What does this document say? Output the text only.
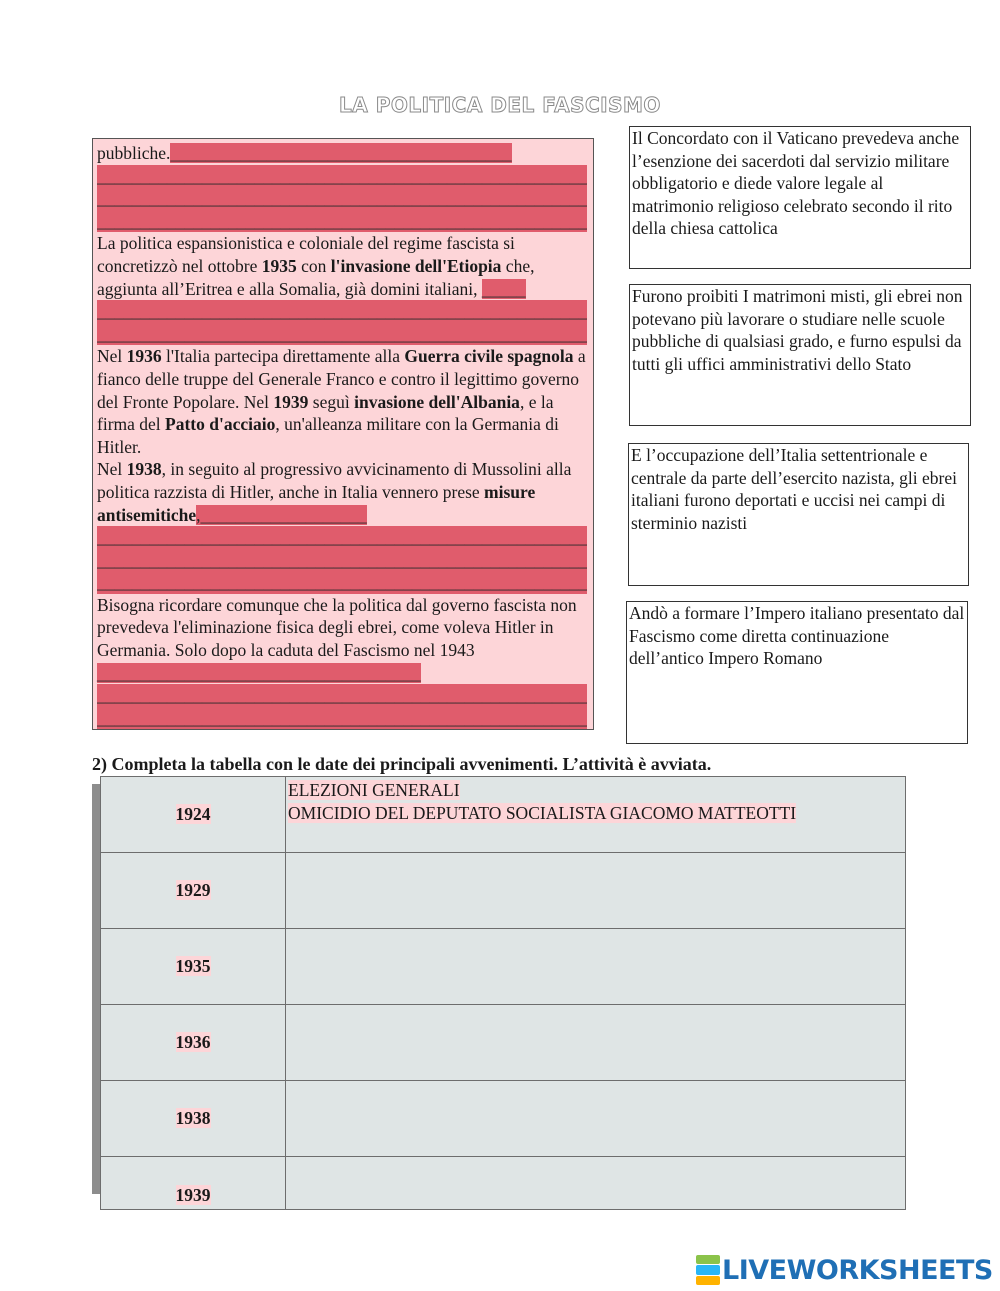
LA POLITICA DEL FASCISMO

pubbliche._______________________________________

_____
_____
_____

La politica espansionistica e coloniale del regime fascista si concretizzò nel ottobre 1935 con l'invasione dell'Etiopia che, aggiunta all’Eritrea e alla Somalia, già domini italiani, _____

_____
_____

Nel 1936 l'Italia partecipa direttamente alla Guerra civile spagnola a fianco delle truppe del Generale Franco e contro il legittimo governo del Fronte Popolare. Nel 1939 seguì invasione dell'Albania, e la firma del Patto d'acciaio, un'alleanza militare con la Germania di Hitler.

Nel 1938, in seguito al progressivo avvicinamento di Mussolini alla politica razzista di Hitler, anche in Italia vennero prese misure antisemitiche,___________________

_____
_____
_____

Bisogna ricordare comunque che la politica dal governo fascista non prevedeva l'eliminazione fisica degli ebrei, come voleva Hitler in Germania. Solo dopo la caduta del Fascismo nel 1943 _____________________________________

_____
_____
Il Concordato con il Vaticano prevedeva anche l’esenzione dei sacerdoti dal servizio militare obbligatorio e diede valore legale al matrimonio religioso celebrato secondo il rito della chiesa cattolica
Furono proibiti I matrimoni misti, gli ebrei non potevano più lavorare o studiare nelle scuole pubbliche di qualsiasi grado, e furno espulsi da tutti gli uffici amministrativi dello Stato
E l’occupazione dell’Italia settentrionale e centrale da parte dell’esercito nazista, gli ebrei italiani furono deportati e uccisi nei campi di sterminio nazisti
Andò a formare l’Impero italiano presentato dal Fascismo come diretta continuazione dell’antico Impero Romano
2) Completa la tabella con le date dei principali avvenimenti. L’attività è avviata.
1924	ELEZIONI GENERALI
OMICIDIO DEL DEPUTATO SOCIALISTA GIACOMO MATTEOTTI
1929	
1935	
1936	
1938	
1939	
LIVEWORKSHEETS
